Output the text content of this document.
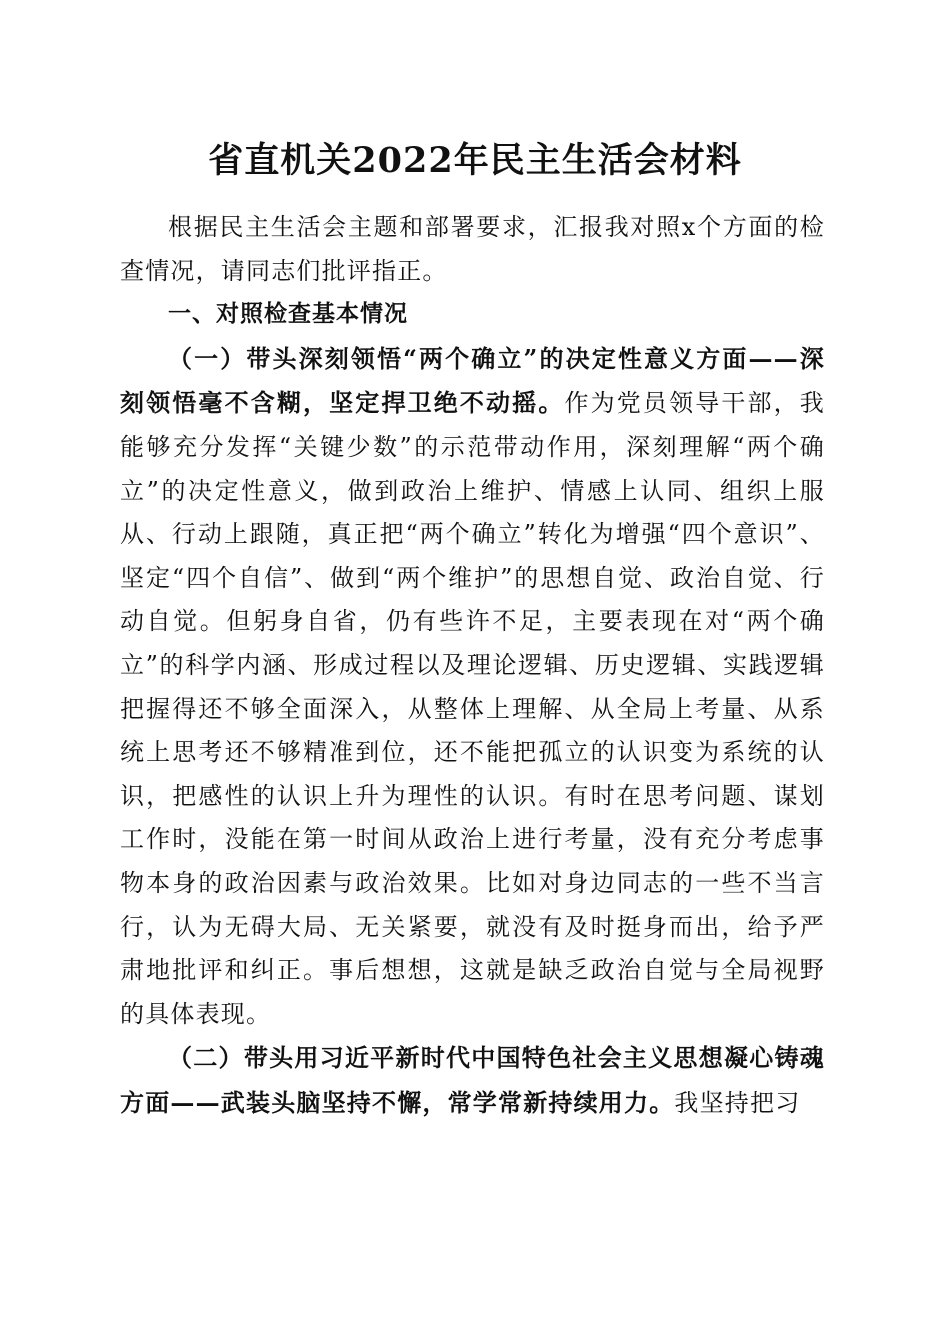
省直机关2022年民主生活会材料

根据民主生活会主题和部署要求，汇报我对照x个方面的检查情况，请同志们批评指正。

一、对照检查基本情况

（一）带头深刻领悟“两个确立”的决定性意义方面——深刻领悟毫不含糊，坚定捍卫绝不动摇。作为党员领导干部，我能够充分发挥“关键少数”的示范带动作用，深刻理解“两个确立”的决定性意义，做到政治上维护、情感上认同、组织上服从、行动上跟随，真正把“两个确立”转化为增强“四个意识”、坚定“四个自信”、做到“两个维护”的思想自觉、政治自觉、行动自觉。但躬身自省，仍有些许不足，主要表现在对“两个确立”的科学内涵、形成过程以及理论逻辑、历史逻辑、实践逻辑把握得还不够全面深入，从整体上理解、从全局上考量、从系统上思考还不够精准到位，还不能把孤立的认识变为系统的认识，把感性的认识上升为理性的认识。有时在思考问题、谋划工作时，没能在第一时间从政治上进行考量，没有充分考虑事物本身的政治因素与政治效果。比如对身边同志的一些不当言行，认为无碍大局、无关紧要，就没有及时挺身而出，给予严肃地批评和纠正。事后想想，这就是缺乏政治自觉与全局视野的具体表现。

（二）带头用习近平新时代中国特色社会主义思想凝心铸魂方面——武装头脑坚持不懈，常学常新持续用力。我坚持把习
